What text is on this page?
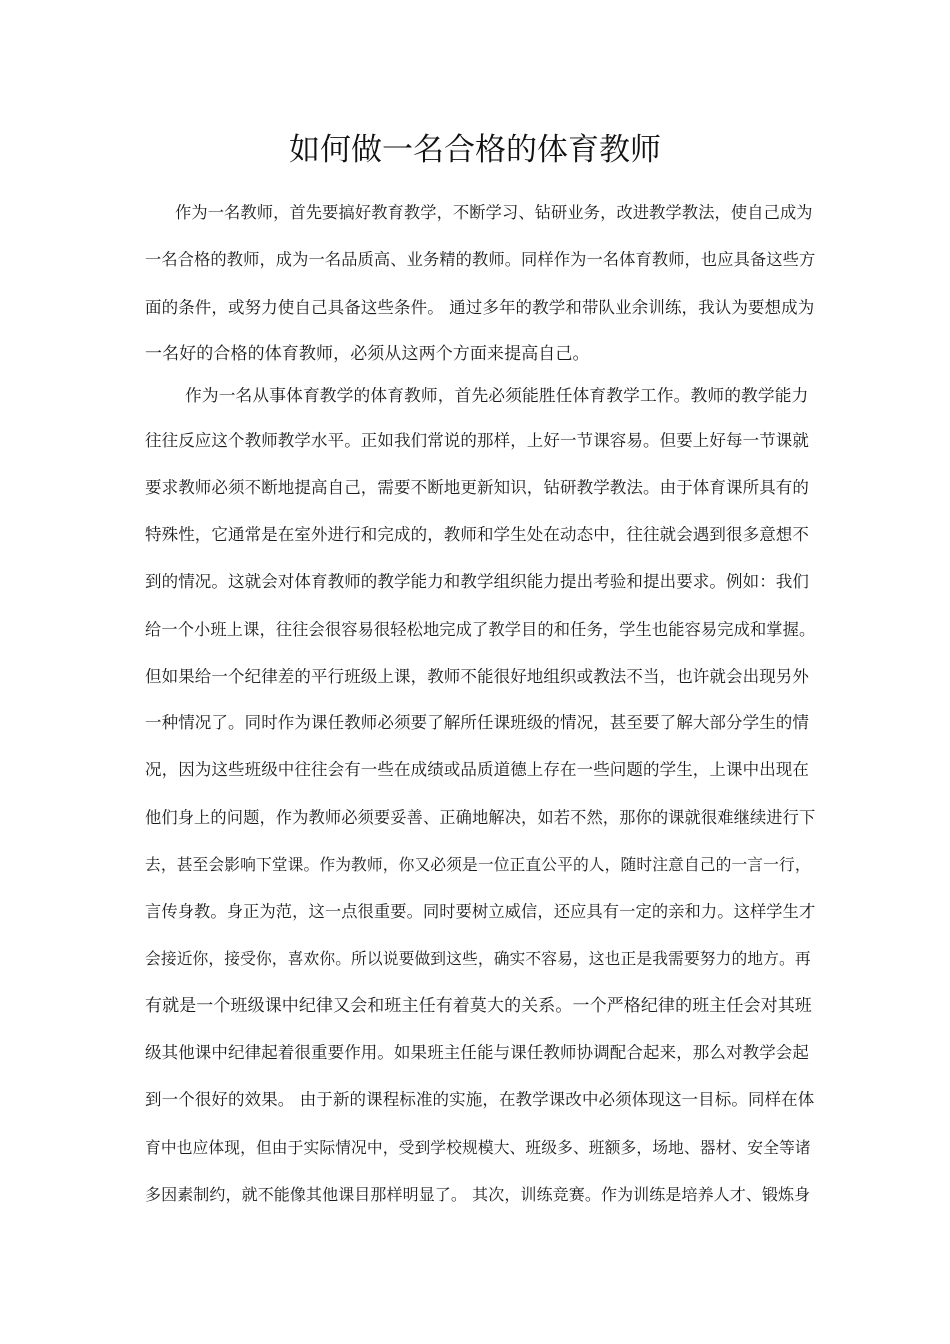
如何做一名合格的体育教师
作为一名教师，首先要搞好教育教学，不断学习、钻研业务，改进教学教法，使自己成为
一名合格的教师，成为一名品质高、业务精的教师。同样作为一名体育教师，也应具备这些方
面的条件，或努力使自己具备这些条件。 通过多年的教学和带队业余训练，我认为要想成为
一名好的合格的体育教师，必须从这两个方面来提高自己。
作为一名从事体育教学的体育教师，首先必须能胜任体育教学工作。教师的教学能力
往往反应这个教师教学水平。正如我们常说的那样，上好一节课容易。但要上好每一节课就
要求教师必须不断地提高自己，需要不断地更新知识，钻研教学教法。由于体育课所具有的
特殊性，它通常是在室外进行和完成的，教师和学生处在动态中，往往就会遇到很多意想不
到的情况。这就会对体育教师的教学能力和教学组织能力提出考验和提出要求。例如：我们
给一个小班上课，往往会很容易很轻松地完成了教学目的和任务，学生也能容易完成和掌握。
但如果给一个纪律差的平行班级上课，教师不能很好地组织或教法不当，也许就会出现另外
一种情况了。同时作为课任教师必须要了解所任课班级的情况，甚至要了解大部分学生的情
况，因为这些班级中往往会有一些在成绩或品质道德上存在一些问题的学生，上课中出现在
他们身上的问题，作为教师必须要妥善、正确地解决，如若不然，那你的课就很难继续进行下
去，甚至会影响下堂课。作为教师，你又必须是一位正直公平的人，随时注意自己的一言一行，
言传身教。身正为范，这一点很重要。同时要树立威信，还应具有一定的亲和力。这样学生才
会接近你，接受你，喜欢你。所以说要做到这些，确实不容易，这也正是我需要努力的地方。再
有就是一个班级课中纪律又会和班主任有着莫大的关系。一个严格纪律的班主任会对其班
级其他课中纪律起着很重要作用。如果班主任能与课任教师协调配合起来，那么对教学会起
到一个很好的效果。 由于新的课程标准的实施，在教学课改中必须体现这一目标。同样在体
育中也应体现，但由于实际情况中，受到学校规模大、班级多、班额多，场地、器材、安全等诸
多因素制约，就不能像其他课目那样明显了。 其次，训练竞赛。作为训练是培养人才、锻炼身
